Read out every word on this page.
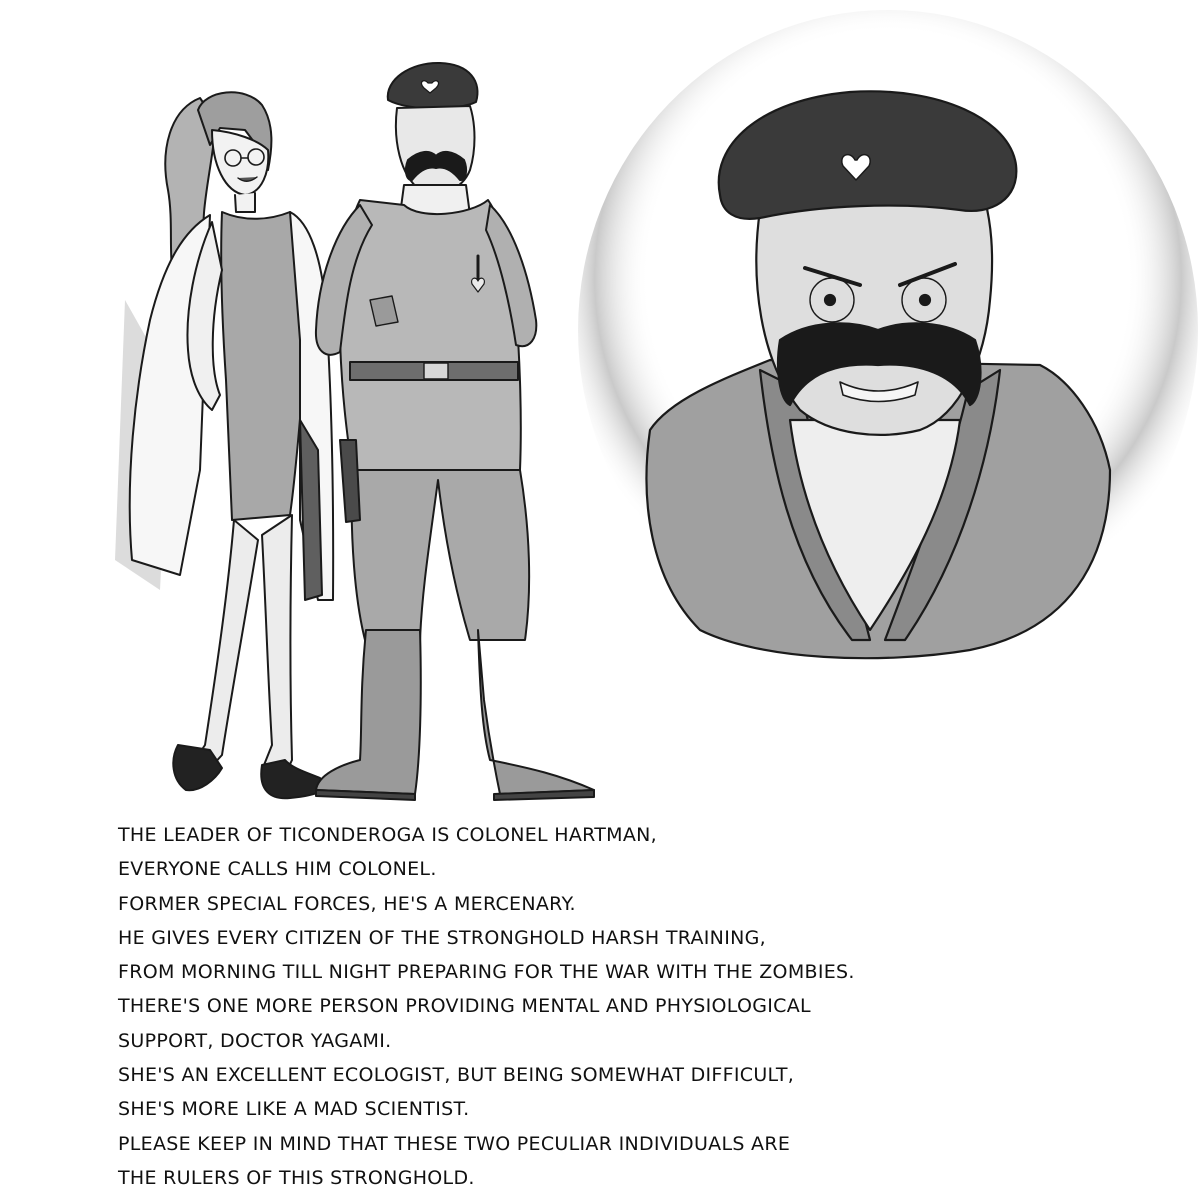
THE LEADER OF TICONDEROGA IS COLONEL HARTMAN,
EVERYONE CALLS HIM COLONEL.
FORMER SPECIAL FORCES, HE'S A MERCENARY.
HE GIVES EVERY CITIZEN OF THE STRONGHOLD HARSH TRAINING,
FROM MORNING TILL NIGHT PREPARING FOR THE WAR WITH THE ZOMBIES.
THERE'S ONE MORE PERSON PROVIDING MENTAL AND PHYSIOLOGICAL
SUPPORT, DOCTOR YAGAMI.
SHE'S AN EXCELLENT ECOLOGIST, BUT BEING SOMEWHAT DIFFICULT,
SHE'S MORE LIKE A MAD SCIENTIST.
PLEASE KEEP IN MIND THAT THESE TWO PECULIAR INDIVIDUALS ARE
THE RULERS OF THIS STRONGHOLD.
